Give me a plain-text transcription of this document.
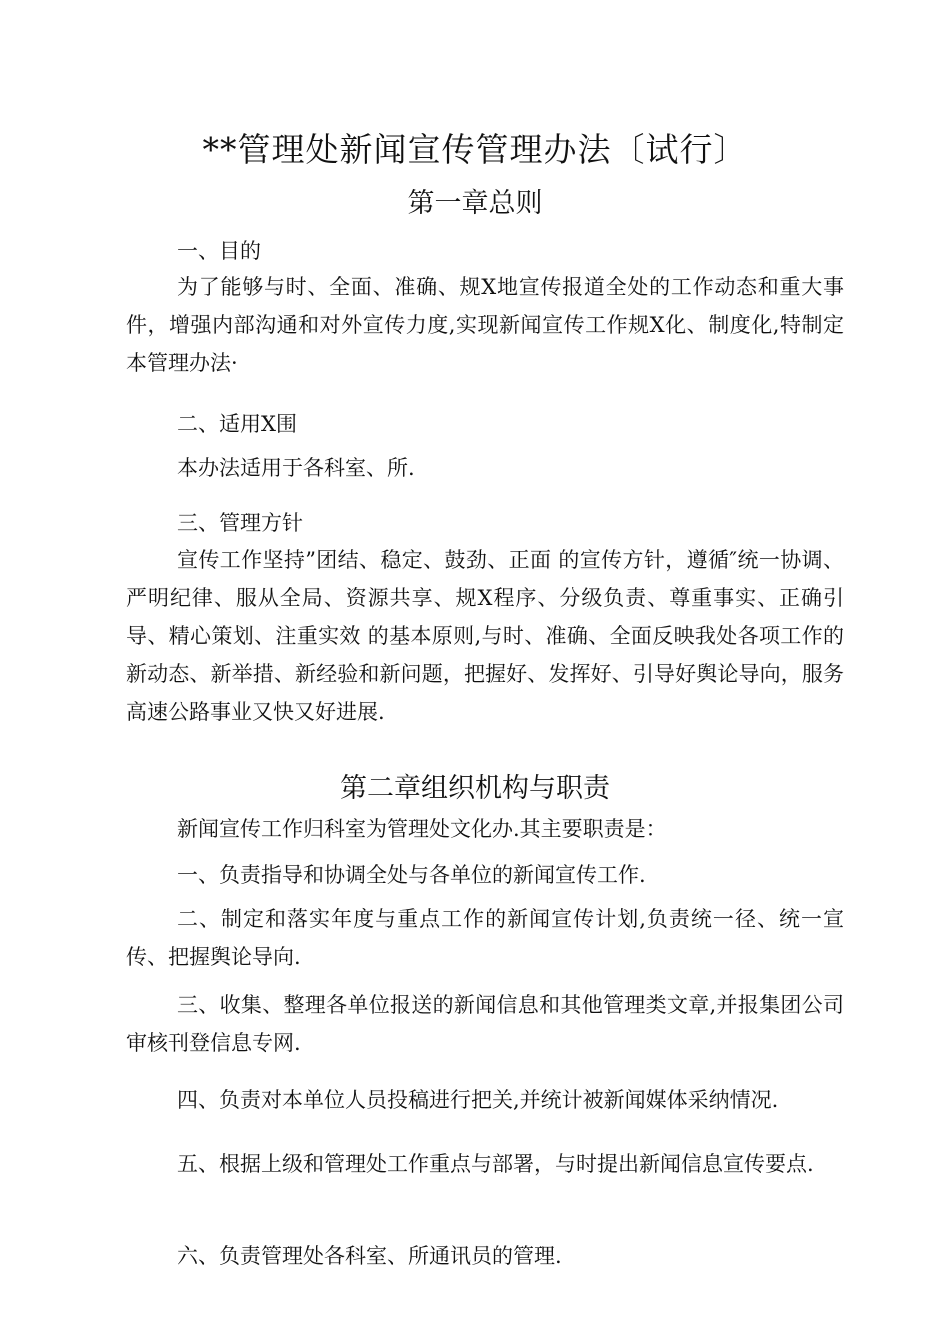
**管理处新闻宣传管理办法〔试行〕
第一章总则
一、目的

为了能够与时、全面、准确、规X地宣传报道全处的工作动态和重大事件，增强内部沟通和对外宣传力度,实现新闻宣传工作规X化、制度化,特制定本管理办法·

二、适用X围

本办法适用于各科室、所.

三、管理方针

宣传工作坚持”团结、稳定、鼓劲、正面 的宣传方针，遵循″统一协调、严明纪律、服从全局、资源共享、规X程序、分级负责、尊重事实、正确引导、精心策划、注重实效 的基本原则,与时、准确、全面反映我处各项工作的新动态、新举措、新经验和新问题，把握好、发挥好、引导好舆论导向，服务高速公路事业又快又好进展.

第二章组织机构与职责

新闻宣传工作归科室为管理处文化办.其主要职责是：

一、负责指导和协调全处与各单位的新闻宣传工作.

二、制定和落实年度与重点工作的新闻宣传计划,负责统一径、统一宣传、把握舆论导向.

三、收集、整理各单位报送的新闻信息和其他管理类文章,并报集团公司审核刊登信息专网.

四、负责对本单位人员投稿进行把关,并统计被新闻媒体采纳情况.

五、根据上级和管理处工作重点与部署，与时提出新闻信息宣传要点.

六、负责管理处各科室、所通讯员的管理.
